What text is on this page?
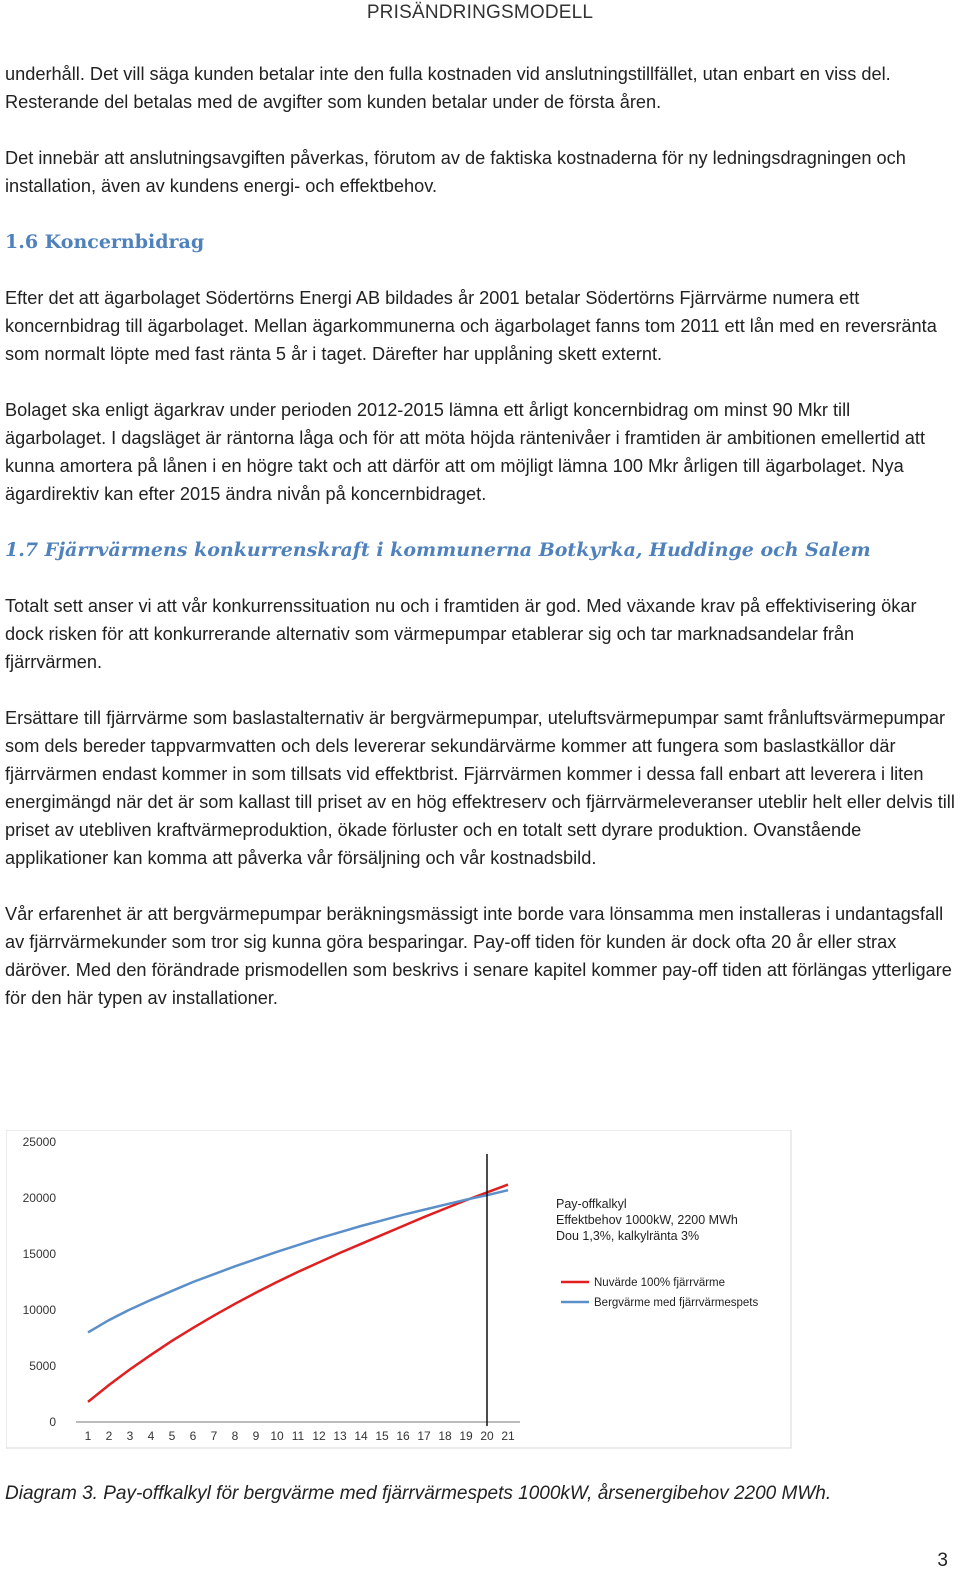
PRISÄNDRINGSMODELL

underhåll. Det vill säga kunden betalar inte den fulla kostnaden vid anslutningstillfället, utan enbart en viss del. Resterande del betalas med de avgifter som kunden betalar under de första åren.

Det innebär att anslutningsavgiften påverkas, förutom av de faktiska kostnaderna för ny ledningsdragningen och installation, även av kundens energi- och effektbehov.

1.6 Koncernbidrag

Efter det att ägarbolaget Södertörns Energi AB bildades år 2001 betalar Södertörns Fjärrvärme numera ett koncernbidrag till ägarbolaget. Mellan ägarkommunerna och ägarbolaget fanns tom 2011 ett lån med en reversränta som normalt löpte med fast ränta 5 år i taget. Därefter har upplåning skett externt.

Bolaget ska enligt ägarkrav under perioden 2012-2015 lämna ett årligt koncernbidrag om minst 90 Mkr till ägarbolaget. I dagsläget är räntorna låga och för att möta höjda räntenivåer i framtiden är ambitionen emellertid att kunna amortera på lånen i en högre takt och att därför att om möjligt lämna 100 Mkr årligen till ägarbolaget. Nya ägardirektiv kan efter 2015 ändra nivån på koncernbidraget.

1.7 Fjärrvärmens konkurrenskraft i kommunerna Botkyrka, Huddinge och Salem

Totalt sett anser vi att vår konkurrenssituation nu och i framtiden är god. Med växande krav på effektivisering ökar dock risken för att konkurrerande alternativ som värmepumpar etablerar sig och tar marknadsandelar från fjärrvärmen.

Ersättare till fjärrvärme som baslastalternativ är bergvärmepumpar, uteluftsvärmepumpar samt frånluftsvärmepumpar som dels bereder tappvarmvatten och dels levererar sekundärvärme kommer att fungera som baslastkällor där fjärrvärmen endast kommer in som tillsats vid effektbrist. Fjärrvärmen kommer i dessa fall enbart att leverera i liten energimängd när det är som kallast till priset av en hög effektreserv och fjärrvärmeleveranser uteblir helt eller delvis till priset av utebliven kraftvärmeproduktion, ökade förluster och en totalt sett dyrare produktion. Ovanstående applikationer kan komma att påverka vår försäljning och vår kostnadsbild.

Vår erfarenhet är att bergvärmepumpar beräkningsmässigt inte borde vara lönsamma men installeras i undantagsfall av fjärrvärmekunder som tror sig kunna göra besparingar. Pay-off tiden för kunden är dock ofta 20 år eller strax däröver. Med den förändrade prismodellen som beskrivs i senare kapitel kommer pay-off tiden att förlängas ytterligare för den här typen av installationer.

0
5000
10000
15000
20000
25000
1 2 3 4 5 6 7 8 9 10 11 12 13 14 15 16 17 18 19 20 21
Pay-offkalkyl
Effektbehov 1000kW, 2200 MWh
Dou 1,3%, kalkylränta 3%
Nuvärde 100% fjärrvärme
Bergvärme med fjärrvärmespets
Diagram 3. Pay-offkalkyl för bergvärme med fjärrvärmespets 1000kW, årsenergibehov 2200 MWh.
3
